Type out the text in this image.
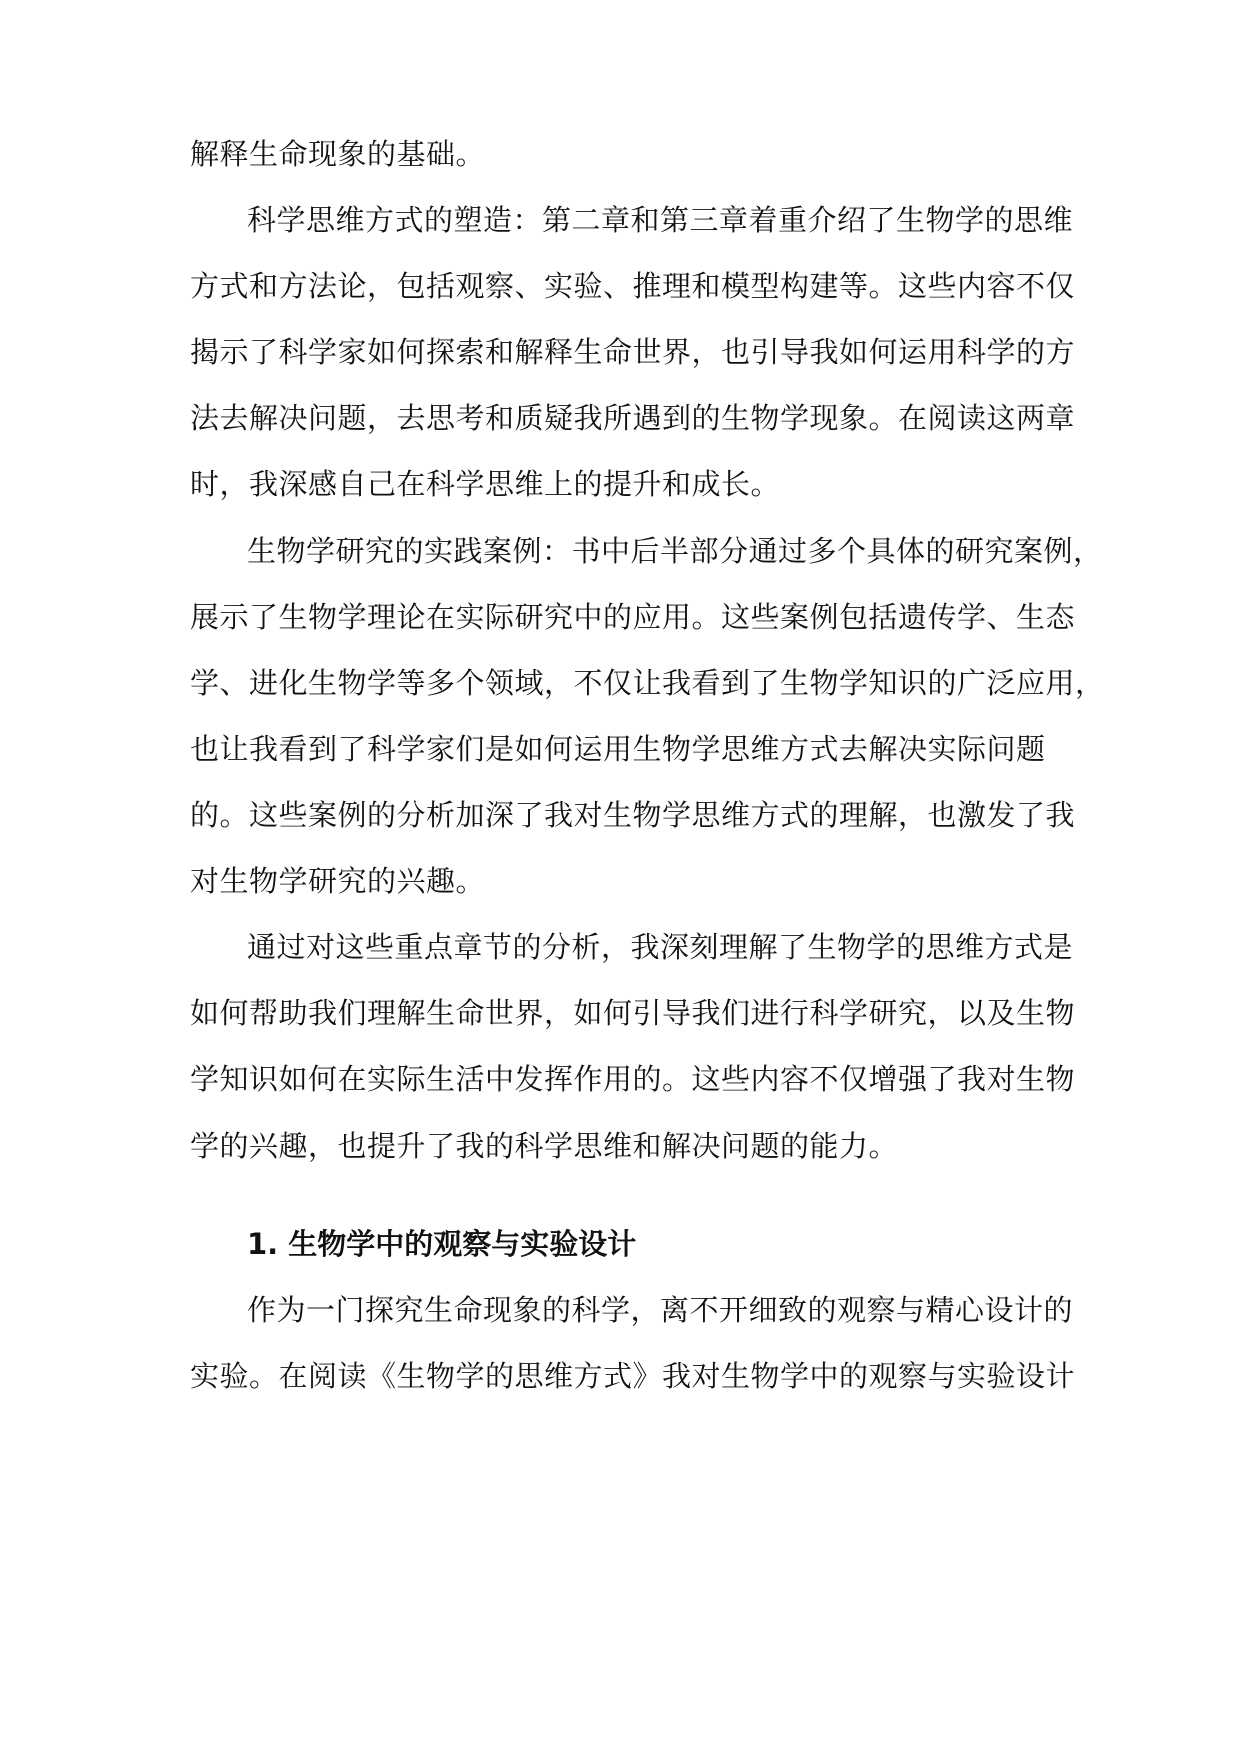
解释生命现象的基础。
科学思维方式的塑造：第二章和第三章着重介绍了生物学的思维
方式和方法论，包括观察、实验、推理和模型构建等。这些内容不仅
揭示了科学家如何探索和解释生命世界，也引导我如何运用科学的方
法去解决问题，去思考和质疑我所遇到的生物学现象。在阅读这两章
时，我深感自己在科学思维上的提升和成长。
生物学研究的实践案例：书中后半部分通过多个具体的研究案例，
展示了生物学理论在实际研究中的应用。这些案例包括遗传学、生态
学、进化生物学等多个领域，不仅让我看到了生物学知识的广泛应用，
也让我看到了科学家们是如何运用生物学思维方式去解决实际问题
的。这些案例的分析加深了我对生物学思维方式的理解，也激发了我
对生物学研究的兴趣。
通过对这些重点章节的分析，我深刻理解了生物学的思维方式是
如何帮助我们理解生命世界，如何引导我们进行科学研究，以及生物
学知识如何在实际生活中发挥作用的。这些内容不仅增强了我对生物
学的兴趣，也提升了我的科学思维和解决问题的能力。
1. 生物学中的观察与实验设计
作为一门探究生命现象的科学，离不开细致的观察与精心设计的
实验。在阅读《生物学的思维方式》我对生物学中的观察与实验设计
